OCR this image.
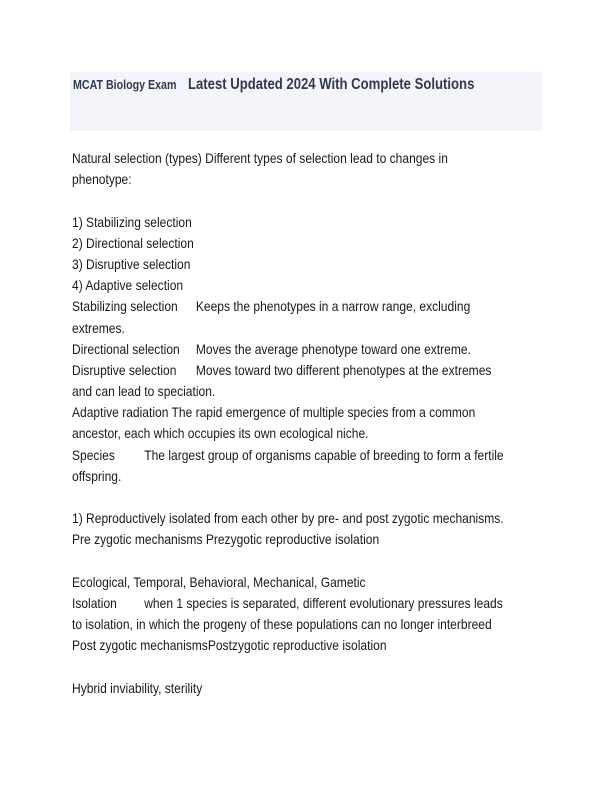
MCAT Biology Exam Latest Updated 2024 With Complete Solutions
Natural selection (types) Different types of selection lead to changes in
phenotype:
1) Stabilizing selection
2) Directional selection
3) Disruptive selection
4) Adaptive selection
Stabilizing selection Keeps the phenotypes in a narrow range, excluding
extremes.
Directional selection Moves the average phenotype toward one extreme.
Disruptive selection Moves toward two different phenotypes at the extremes
and can lead to speciation.
Adaptive radiation The rapid emergence of multiple species from a common
ancestor, each which occupies its own ecological niche.
Species The largest group of organisms capable of breeding to form a fertile
offspring.
1) Reproductively isolated from each other by pre- and post zygotic mechanisms.
Pre zygotic mechanisms Prezygotic reproductive isolation
Ecological, Temporal, Behavioral, Mechanical, Gametic
Isolation when 1 species is separated, different evolutionary pressures leads
to isolation, in which the progeny of these populations can no longer interbreed
Post zygotic mechanismsPostzygotic reproductive isolation
Hybrid inviability, sterility
